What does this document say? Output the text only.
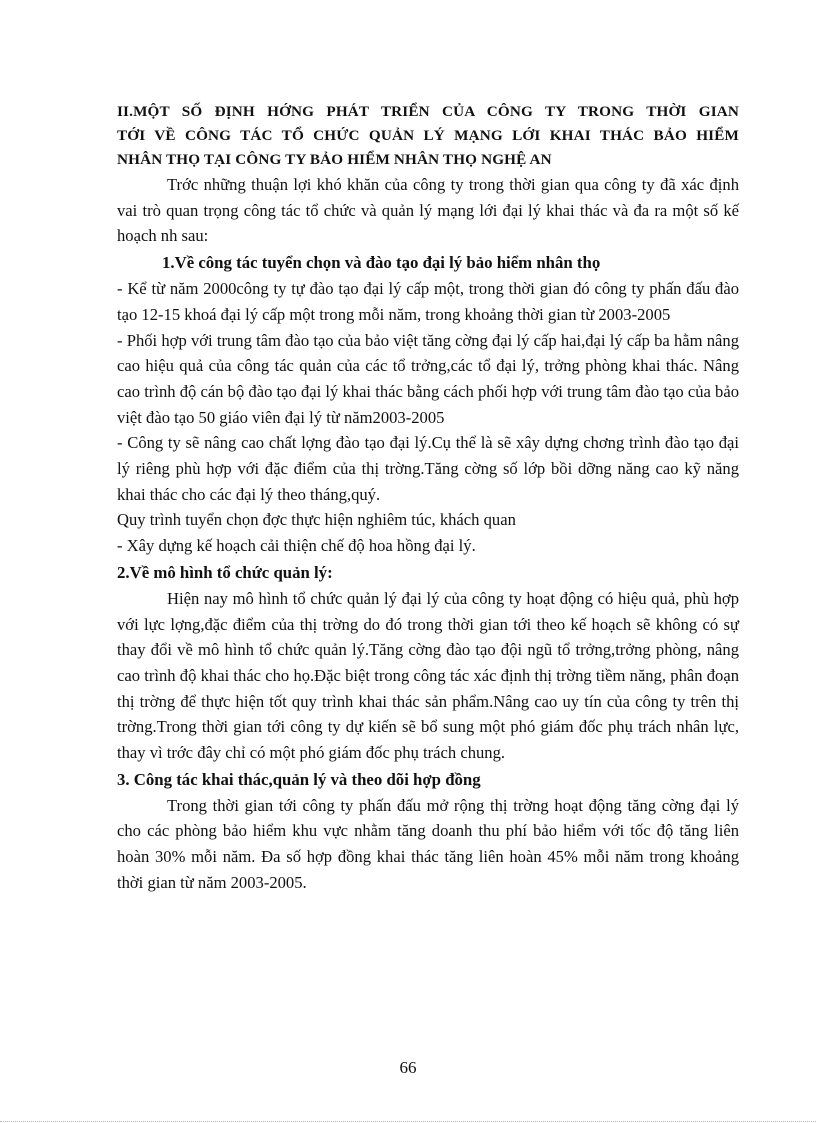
II.MỘT SỐ ĐỊNH HỚNG PHÁT TRIỂN CỦA CÔNG TY TRONG THỜI GIAN
TỚI VỀ CÔNG TÁC TỔ CHỨC QUẢN LÝ MẠNG LỚI KHAI THÁC BẢO HIỂM
NHÂN THỌ TẠI CÔNG TY BẢO HIỂM NHÂN THỌ NGHỆ AN

Trớc những thuận lợi khó khăn của công ty trong thời gian qua công ty đã xác định vai trò quan trọng công tác tổ chức và quản lý mạng lới đại lý khai thác và đa ra một số kế hoạch nh sau:

1.Về công tác tuyển chọn và đào tạo đại lý bảo hiểm nhân thọ

- Kể từ năm 2000công ty tự đào tạo đại lý cấp một, trong thời gian đó công ty phấn đấu đào tạo 12-15 khoá đại lý cấp một trong mỗi năm, trong khoảng thời gian từ 2003-2005

- Phối hợp với trung tâm đào tạo của bảo việt tăng cờng đại lý cấp hai,đại lý cấp ba hằm nâng cao hiệu quả của công tác quản của các tổ trởng,các tổ đại lý, trởng phòng khai thác. Nâng cao trình độ cán bộ đào tạo đại lý khai thác bằng cách phối hợp với trung tâm đào tạo của bảo việt đào tạo 50 giáo viên đại lý từ năm2003-2005

- Công ty sẽ nâng cao chất lợng đào tạo đại lý.Cụ thể là sẽ xây dựng chơng trình đào tạo đại lý riêng phù hợp với đặc điểm của thị trờng.Tăng cờng số lớp bồi dỡng năng cao kỹ năng khai thác cho các đại lý theo tháng,quý.

Quy trình tuyển chọn đợc thực hiện nghiêm túc, khách quan

- Xây dựng kế hoạch cải thiện chế độ hoa hồng đại lý.

2.Về mô hình tổ chức quản lý:

Hiện nay mô hình tổ chức quản lý đại lý của công ty hoạt động có hiệu quả, phù hợp với lực lợng,đặc điểm của thị trờng do đó trong thời gian tới theo kế hoạch sẽ không có sự thay đổi về mô hình tổ chức quản lý.Tăng cờng đào tạo đội ngũ tổ trởng,trởng phòng, nâng cao trình độ khai thác cho họ.Đặc biệt trong công tác xác định thị trờng tiềm năng, phân đoạn thị trờng để thực hiện tốt quy trình khai thác sản phẩm.Nâng cao uy tín của công ty trên thị trờng.Trong thời gian tới công ty dự kiến sẽ bổ sung một phó giám đốc phụ trách nhân lực, thay vì trớc đây chỉ có một phó giám đốc phụ trách chung.

3. Công tác khai thác,quản lý và theo dõi hợp đồng

Trong thời gian tới công ty phấn đấu mở rộng thị trờng hoạt động tăng cờng đại lý cho các phòng bảo hiểm khu vực nhằm tăng doanh thu phí bảo hiểm với tốc độ tăng liên hoàn 30% mỗi năm. Đa số hợp đồng khai thác tăng liên hoàn 45% mỗi năm trong khoảng thời gian từ năm 2003-2005.

66
